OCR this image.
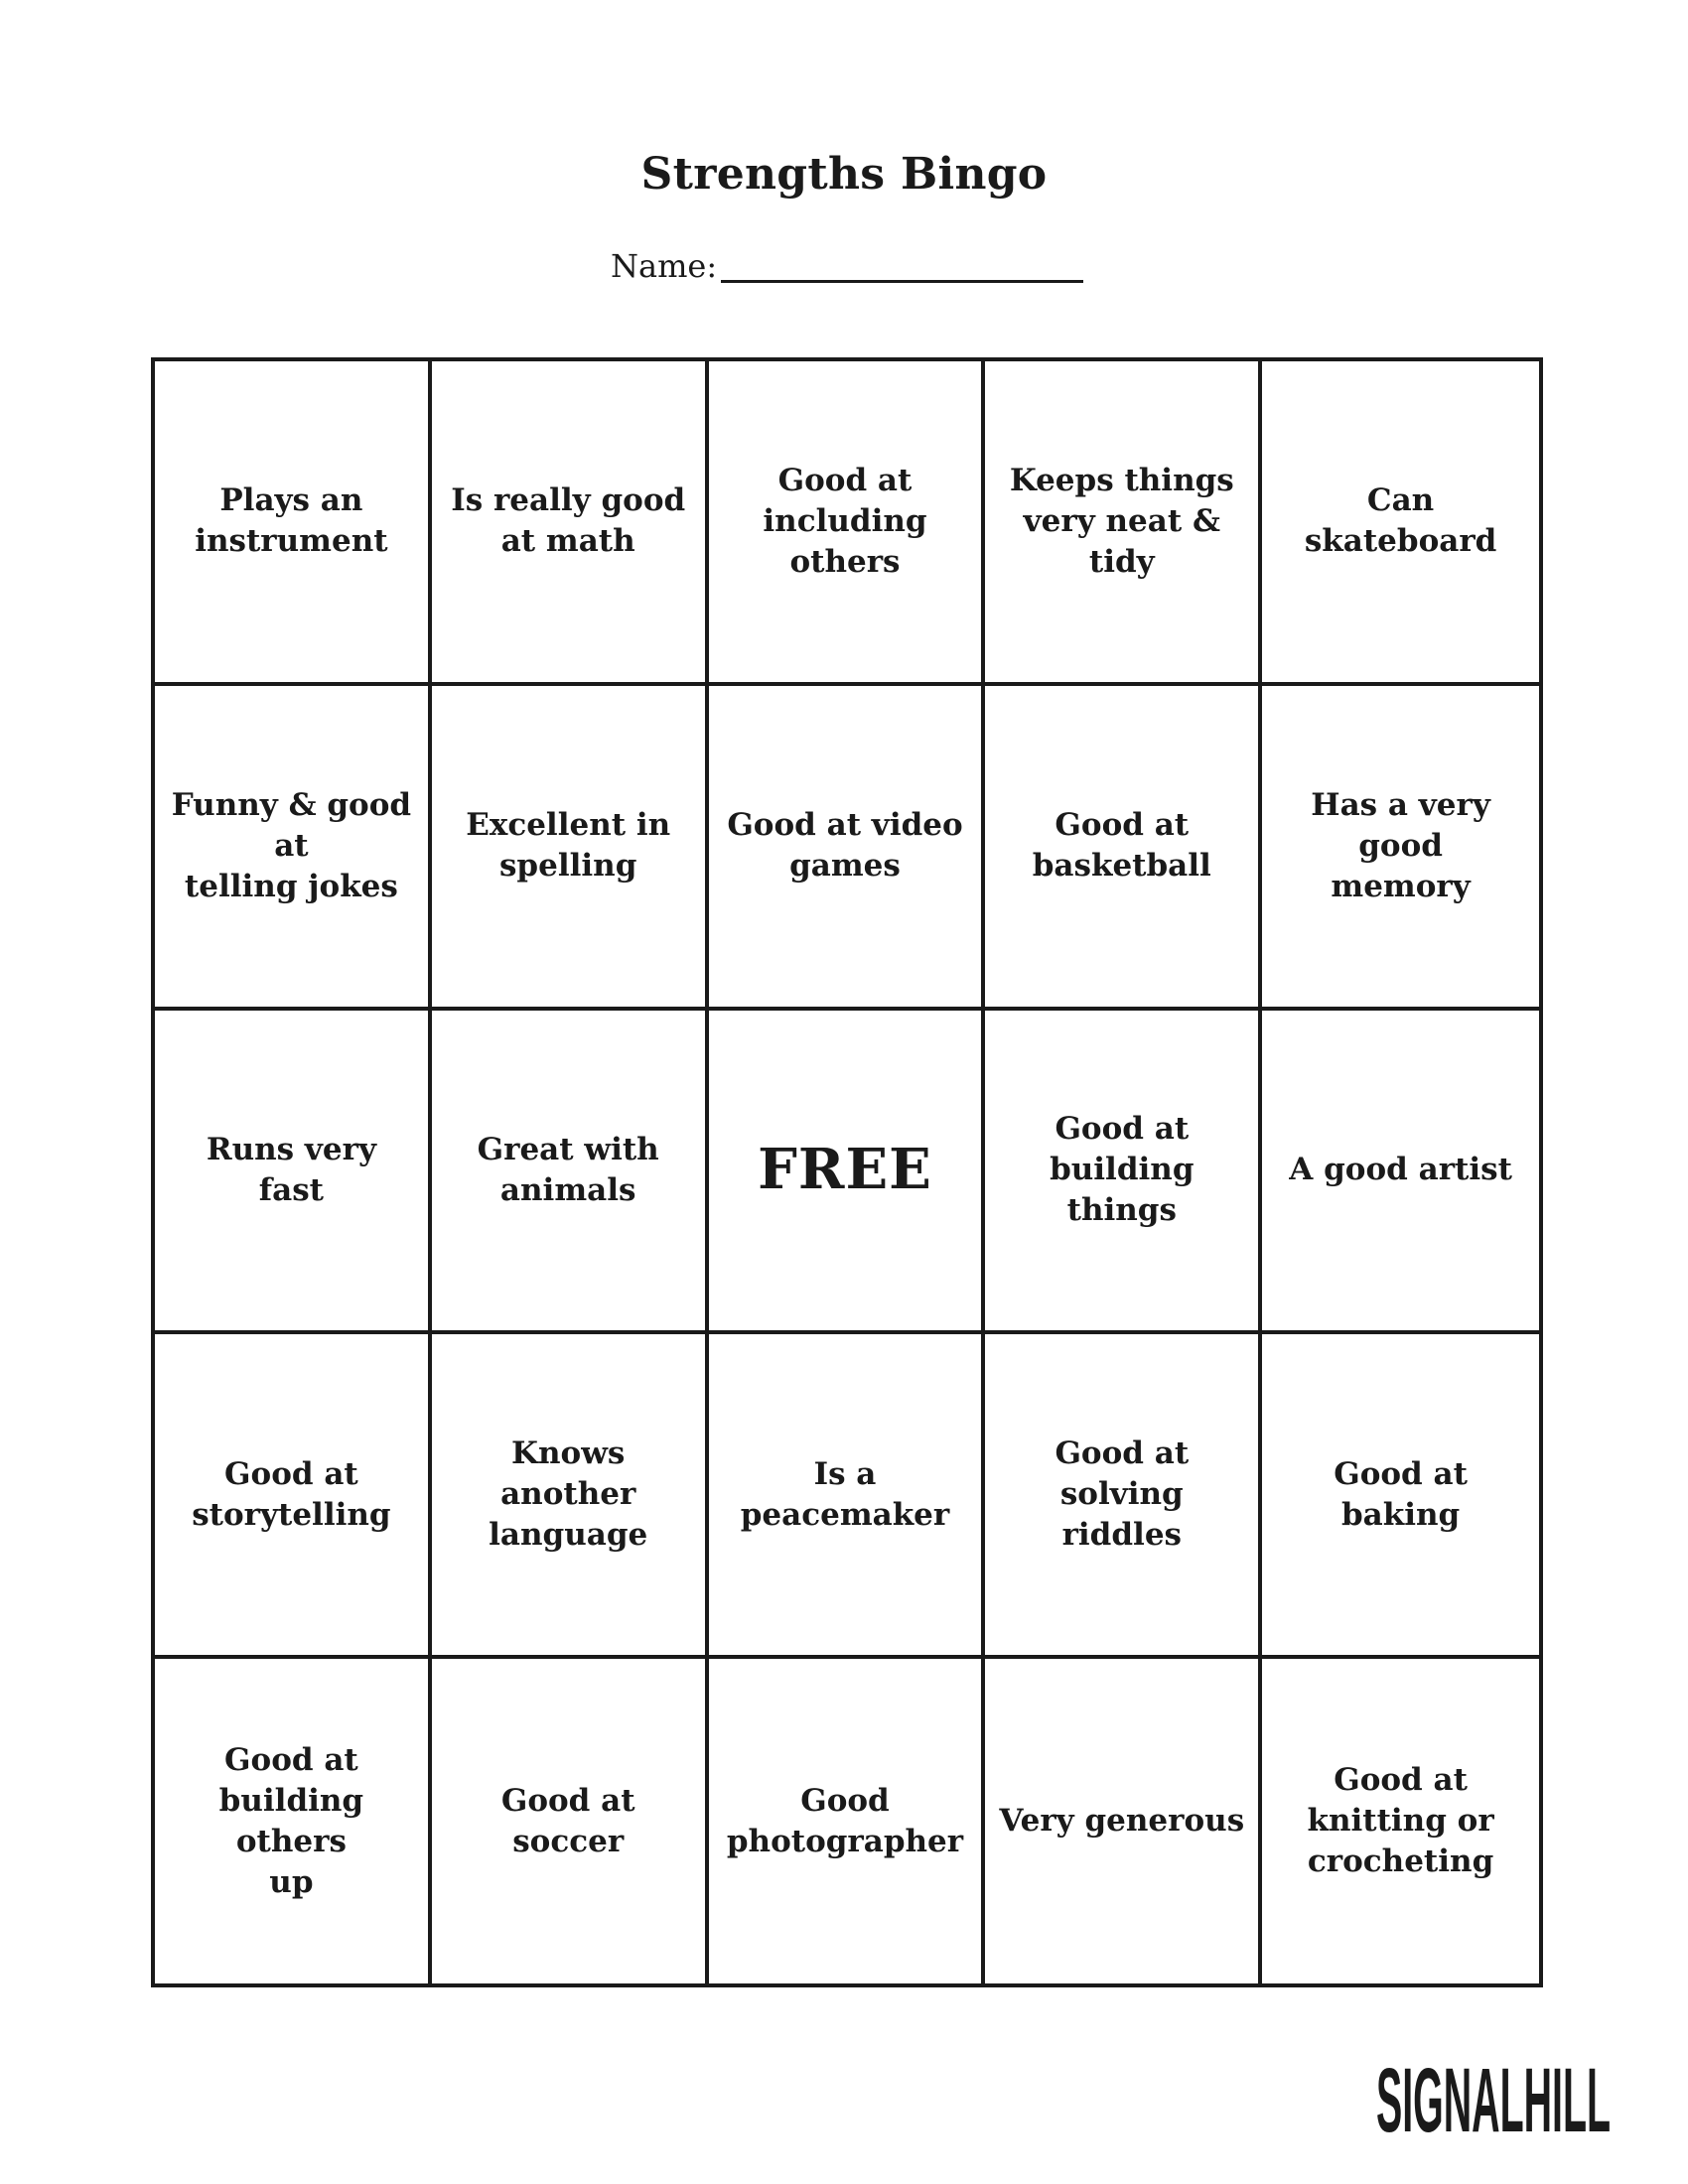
Strengths Bingo
Name:
Plays an
instrument
Is really good
at math
Good at
including others
Keeps things
very neat & tidy
Can skateboard
Funny & good at
telling jokes
Excellent in
spelling
Good at video
games
Good at
basketball
Has a very good
memory
Runs very fast
Great with
animals	FREE
Good at
building things
A good artist
Good at
storytelling
Knows
another
language
Is a peacemaker
Good at
solving riddles
Good at
baking
Good at
building others
up
Good at
soccer
Good
photographer
Very generous
Good at
knitting or
crocheting
SIGNALHILL
